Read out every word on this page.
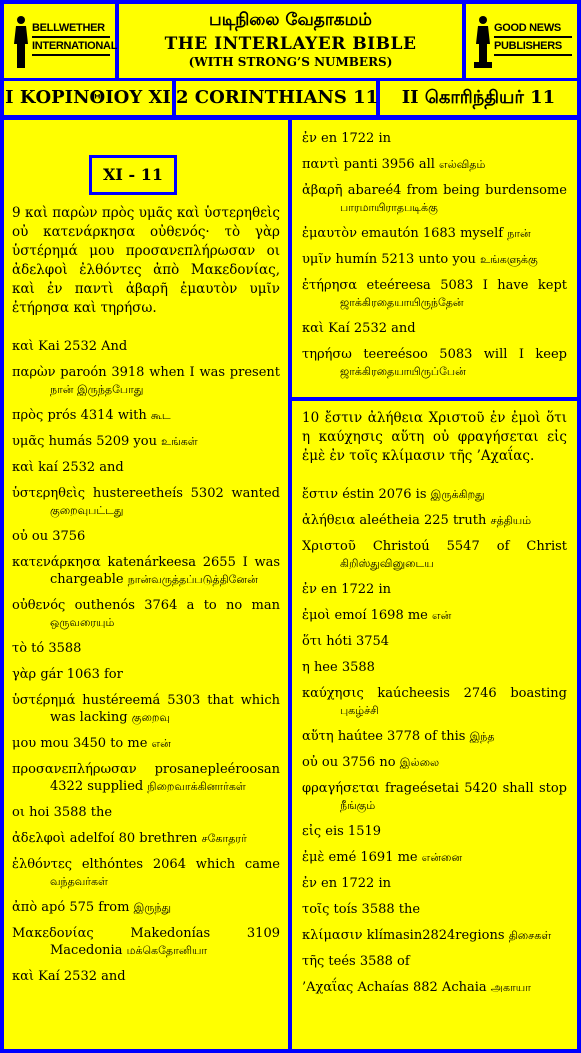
BELLWETHER
INTERNATIONAL
படிநிலை வேதாகமம்
THE INTERLAYER BIBLE
(WITH STRONG’S NUMBERS)
GOOD NEWS
PUBLISHERS
Ι ΚΟΡΙΝΘΙΟΥ ΧΙ 2 CORINTHIANS 11	II கொரிந்தியர் 11
XI - 11
9 καὶ παρὼν πρὸς υμᾶς καὶ ὑστερηθεὶς οὐ κατενάρκησα οὐθενός· τὸ γὰρ ὑστέρημά μου προσανεπλήρωσαν οι ἀδελφοὶ ἐλθόντες ἀπὸ Μακεδονίας, καὶ ἐν παντὶ ἀβαρῆ ἐμαυτὸν υμῖν ἐτήρησα καὶ τηρήσω.
καὶ Kai 2532 And
παρὼν paroón 3918 when I was present நான் இருந்தபோது
πρὸς prós 4314 with கூட
υμᾶς humás 5209 you உங்கள்
καὶ kaí 2532 and
ὑστερηθεὶς hustereetheís 5302 wanted குறைவுபட்டது
οὐ ou 3756
κατενάρκησα katenárkeesa 2655 I was chargeable நான்வருத்தப்படுத்தினேன்
οὐθενός outhenós 3764 a to no man ஒருவரையும்
τὸ tó 3588
γὰρ gár 1063 for
ὑστέρημά hustéreemá 5303 that which was lacking குறைவு
μου mou 3450 to me என்
προσανεπλήρωσαν prosanepleéroosan 4322 supplied நிறைவாக்கினார்கள்
οι hoi 3588 the
ἀδελφοὶ adelfoí 80 brethren சகோதரர்
ἐλθόντες elthóntes 2064 which came வந்தவர்கள்
ἀπὸ apó 575 from இருந்து
Μακεδονίας	Makedonías 3109 Macedonia மக்கெதோனியா
καὶ Kaí 2532 and
ἐν en 1722 in
παντὶ panti 3956 all எல்விதம்
ἀβαρῆ abareé4 from being burdensome பாரமாயிராதபடிக்கு
ἐμαυτὸν emautón 1683 myself நான்
υμῖν humín 5213 unto you உங்களுக்கு
ἐτήρησα eteéreesa 5083 I have kept ஜாக்கிரதையாயிருந்தேன்
καὶ Kaí 2532 and
τηρήσω teereésoo 5083 will I keep ஜாக்கிரதையாயிருப்பேன்
10 ἔστιν ἀλήθεια Χριστοῦ ἐν ἐμοὶ ὅτι η καύχησις αὕτη οὐ φραγήσεται εἰς ἐμὲ ἐν τοῖς κλίμασιν τῆς ’Αχαΐας.
ἔστιν éstin 2076 is இருக்கிறது
ἀλήθεια aleétheia 225 truth சத்தியம்
Χριστοῦ Christoú 5547 of Christ கிறிஸ்துவினுடைய
ἐν en 1722 in
ἐμοὶ emoí 1698 me என்
ὅτι hóti 3754
η hee 3588
καύχησις kaúcheesis 2746 boasting புகழ்ச்சி
αὕτη haútee 3778 of this இந்த
οὐ ou 3756 no இல்லை
φραγήσεται frageésetai 5420 shall stop நீங்கும்
εἰς eis 1519
ἐμὲ emé 1691 me என்னை
ἐν en 1722 in
τοῖς toís 3588 the
κλίμασιν klímasin2824regions திசைகள்
τῆς teés 3588 of
’Αχαΐας Achaías 882 Achaia அகாயா
